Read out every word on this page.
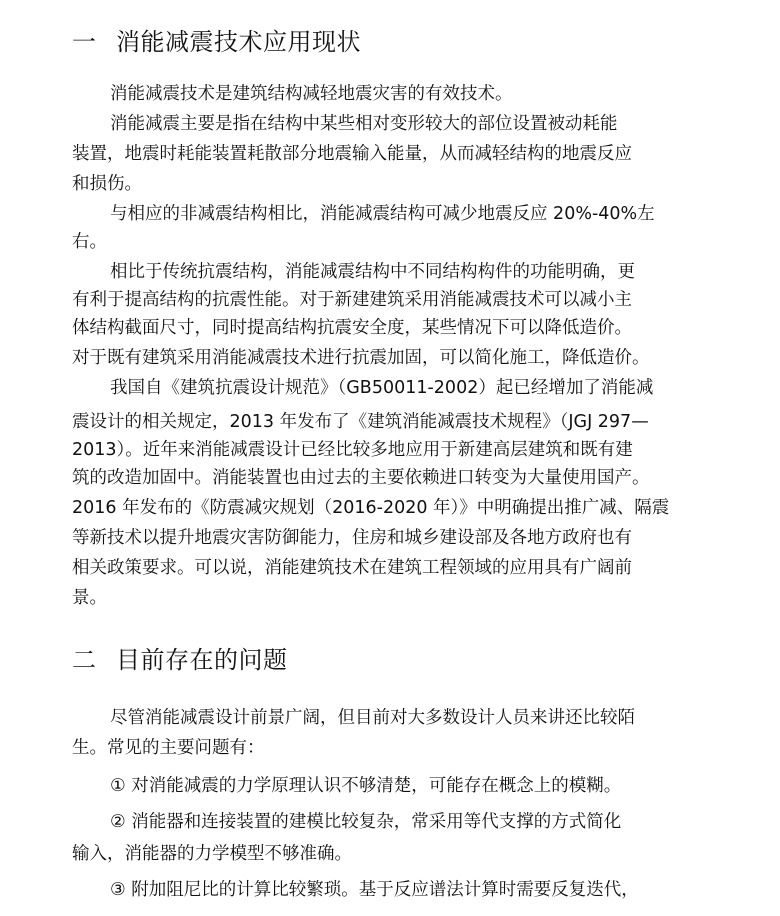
一 消能减震技术应用现状
消能减震技术是建筑结构减轻地震灾害的有效技术。
消能减震主要是指在结构中某些相对变形较大的部位设置被动耗能
装置，地震时耗能装置耗散部分地震输入能量，从而减轻结构的地震反应
和损伤。
与相应的非减震结构相比，消能减震结构可减少地震反应 20%-40%左
右。
相比于传统抗震结构，消能减震结构中不同结构构件的功能明确，更
有利于提高结构的抗震性能。对于新建建筑采用消能减震技术可以减小主
体结构截面尺寸，同时提高结构抗震安全度，某些情况下可以降低造价。
对于既有建筑采用消能减震技术进行抗震加固，可以简化施工，降低造价。
我国自《建筑抗震设计规范》（GB50011-2002）起已经增加了消能减
震设计的相关规定，2013 年发布了《建筑消能减震技术规程》（JGJ 297—
2013）。近年来消能减震设计已经比较多地应用于新建高层建筑和既有建
筑的改造加固中。消能装置也由过去的主要依赖进口转变为大量使用国产。
2016 年发布的《防震减灾规划（2016-2020 年）》中明确提出推广减、隔震
等新技术以提升地震灾害防御能力，住房和城乡建设部及各地方政府也有
相关政策要求。可以说，消能建筑技术在建筑工程领域的应用具有广阔前
景。
二 目前存在的问题
尽管消能减震设计前景广阔，但目前对大多数设计人员来讲还比较陌
生。常见的主要问题有：
① 对消能减震的力学原理认识不够清楚，可能存在概念上的模糊。
② 消能器和连接装置的建模比较复杂，常采用等代支撑的方式简化
输入，消能器的力学模型不够准确。
③ 附加阻尼比的计算比较繁琐。基于反应谱法计算时需要反复迭代，
